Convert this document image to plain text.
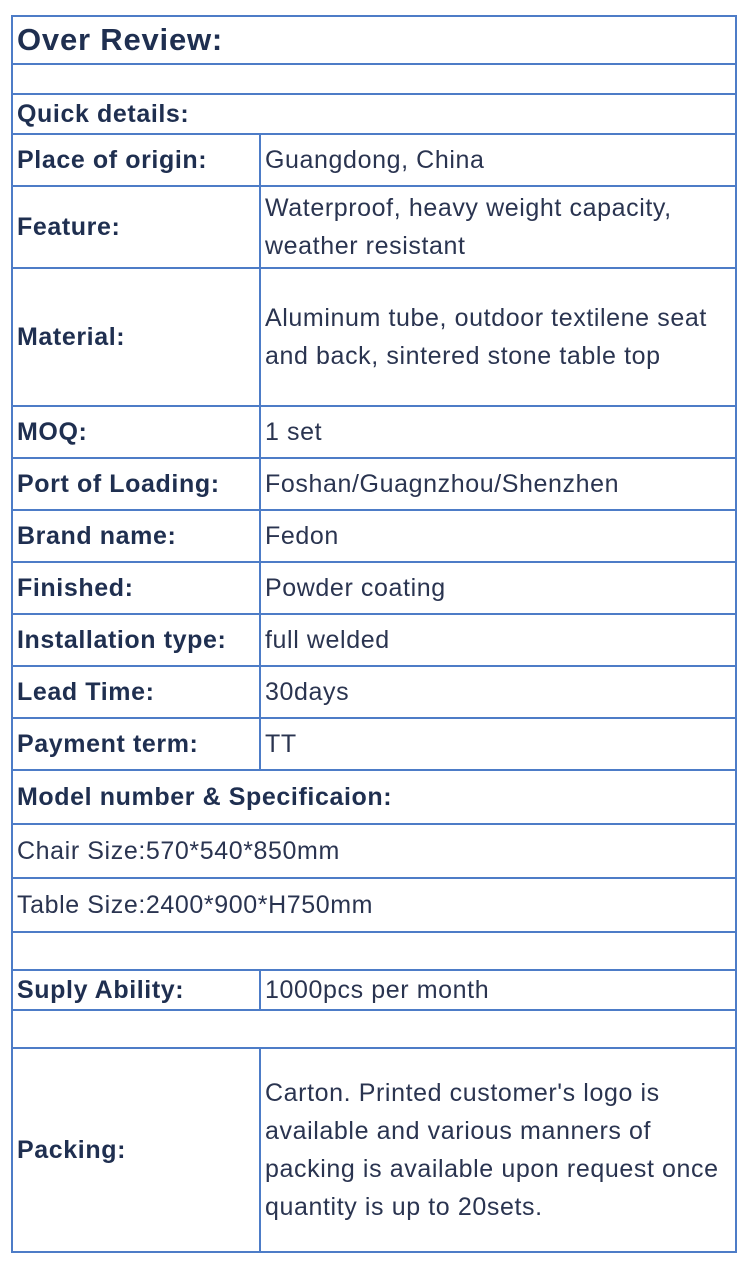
Over Review:	

Quick details:	
Place of origin:	Guangdong, China
Feature:	Waterproof, heavy weight capacity, weather resistant
Material:	Aluminum tube, outdoor textilene seat and back, sintered stone table top
MOQ:	1 set
Port of Loading:	Foshan/Guagnzhou/Shenzhen
Brand name:	Fedon
Finished:	Powder coating
Installation type:	full welded
Lead Time:	30days
Payment term:	TT
Model number & Specificaion:	
Chair Size:570*540*850mm	
Table Size:2400*900*H750mm	

Suply Ability:	1000pcs per month

Packing:	Carton. Printed customer's logo is available and various manners of packing is available upon request once quantity is up to 20sets.
